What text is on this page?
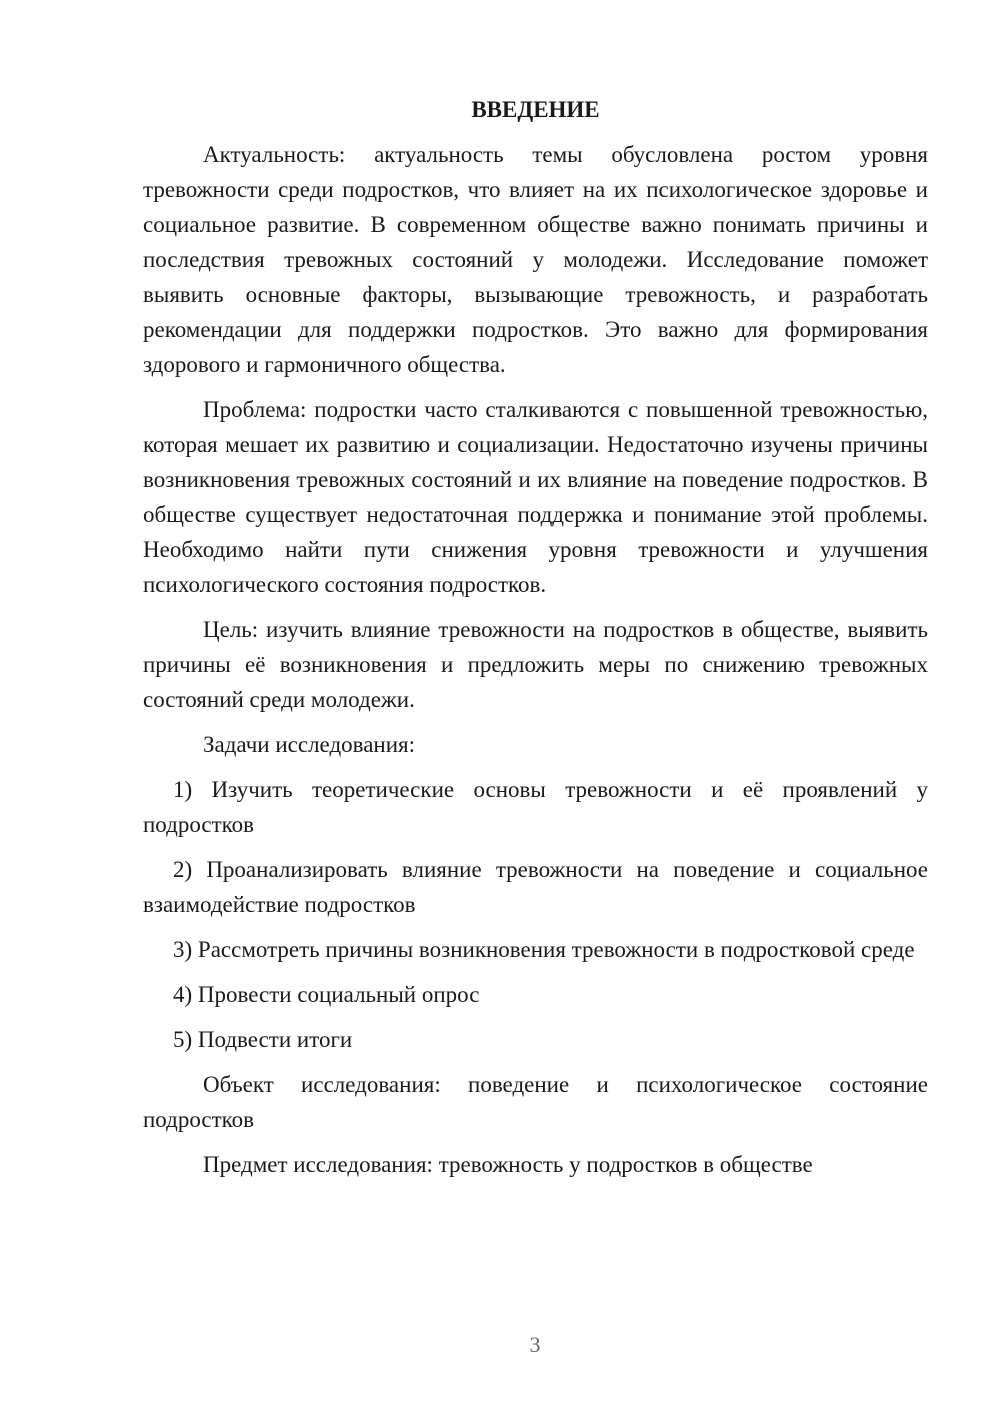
ВВЕДЕНИЕ

Актуальность: актуальность темы обусловлена ростом уровня тревожности среди подростков, что влияет на их психологическое здоровье и социальное развитие. В современном обществе важно понимать причины и последствия тревожных состояний у молодежи. Исследование поможет выявить основные факторы, вызывающие тревожность, и разработать рекомендации для поддержки подростков. Это важно для формирования здорового и гармоничного общества.

Проблема: подростки часто сталкиваются с повышенной тревожностью, которая мешает их развитию и социализации. Недостаточно изучены причины возникновения тревожных состояний и их влияние на поведение подростков. В обществе существует недостаточная поддержка и понимание этой проблемы. Необходимо найти пути снижения уровня тревожности и улучшения психологического состояния подростков.

Цель: изучить влияние тревожности на подростков в обществе, выявить причины её возникновения и предложить меры по снижению тревожных состояний среди молодежи.

Задачи исследования:

1) Изучить теоретические основы тревожности и её проявлений у подростков

2) Проанализировать влияние тревожности на поведение и социальное взаимодействие подростков

3) Рассмотреть причины возникновения тревожности в подростковой среде

4) Провести социальный опрос

5) Подвести итоги

Объект исследования: поведение и психологическое состояние подростков

Предмет исследования: тревожность у подростков в обществе

3
